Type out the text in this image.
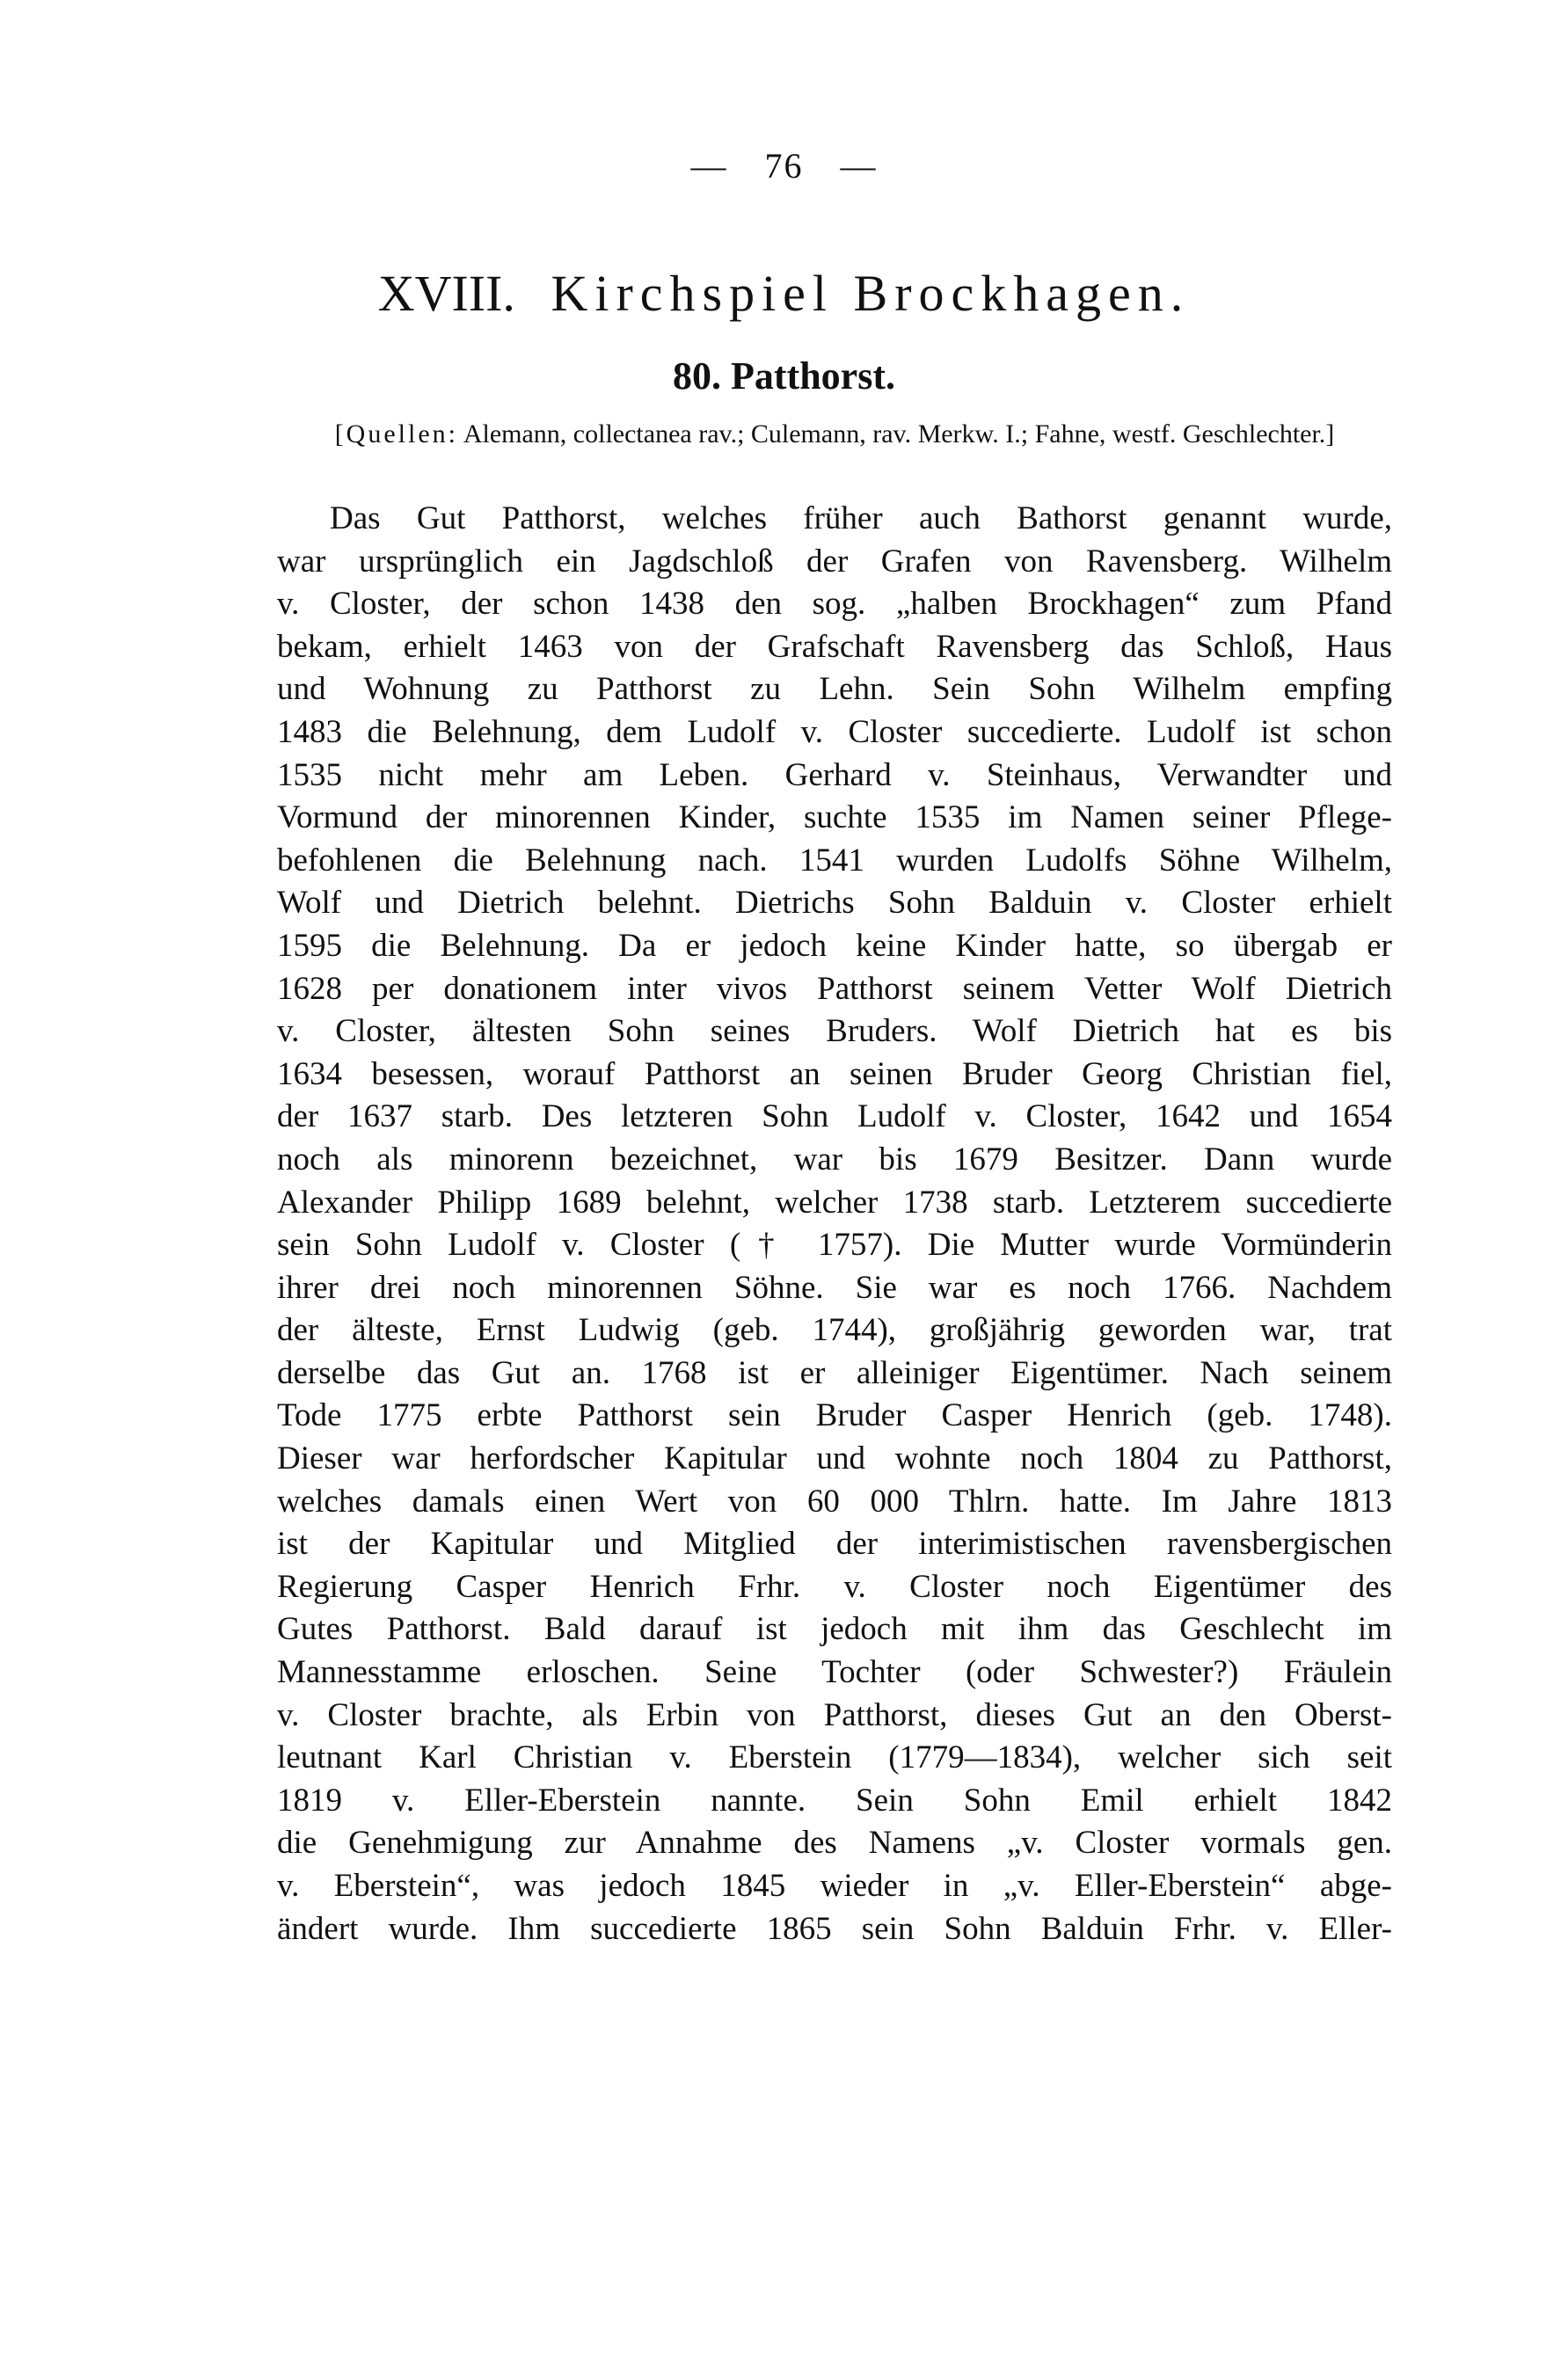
— 76 —
XVIII. Kirchspiel Brockhagen.
80. Patthorst.
[Quellen: Alemann, collectanea rav.; Culemann, rav. Merkw. I.; Fahne, westf. Geschlechter.]
Das Gut Patthorst, welches früher auch Bathorst genannt wurde,
war ursprünglich ein Jagdschloß der Grafen von Ravensberg. Wilhelm
v. Closter, der schon 1438 den sog. „halben Brockhagen“ zum Pfand
bekam, erhielt 1463 von der Grafschaft Ravensberg das Schloß, Haus
und Wohnung zu Patthorst zu Lehn. Sein Sohn Wilhelm empfing
1483 die Belehnung, dem Ludolf v. Closter succedierte. Ludolf ist schon
1535 nicht mehr am Leben. Gerhard v. Steinhaus, Verwandter und
Vormund der minorennen Kinder, suchte 1535 im Namen seiner Pflege-
befohlenen die Belehnung nach. 1541 wurden Ludolfs Söhne Wilhelm,
Wolf und Dietrich belehnt. Dietrichs Sohn Balduin v. Closter erhielt
1595 die Belehnung. Da er jedoch keine Kinder hatte, so übergab er
1628 per donationem inter vivos Patthorst seinem Vetter Wolf Dietrich
v. Closter, ältesten Sohn seines Bruders. Wolf Dietrich hat es bis
1634 besessen, worauf Patthorst an seinen Bruder Georg Christian fiel,
der 1637 starb. Des letzteren Sohn Ludolf v. Closter, 1642 und 1654
noch als minorenn bezeichnet, war bis 1679 Besitzer. Dann wurde
Alexander Philipp 1689 belehnt, welcher 1738 starb. Letzterem succedierte
sein Sohn Ludolf v. Closter († 1757). Die Mutter wurde Vormünderin
ihrer drei noch minorennen Söhne. Sie war es noch 1766. Nachdem
der älteste, Ernst Ludwig (geb. 1744), großjährig geworden war, trat
derselbe das Gut an. 1768 ist er alleiniger Eigentümer. Nach seinem
Tode 1775 erbte Patthorst sein Bruder Casper Henrich (geb. 1748).
Dieser war herfordscher Kapitular und wohnte noch 1804 zu Patthorst,
welches damals einen Wert von 60 000 Thlrn. hatte. Im Jahre 1813
ist der Kapitular und Mitglied der interimistischen ravensbergischen
Regierung Casper Henrich Frhr. v. Closter noch Eigentümer des
Gutes Patthorst. Bald darauf ist jedoch mit ihm das Geschlecht im
Mannesstamme erloschen. Seine Tochter (oder Schwester?) Fräulein
v. Closter brachte, als Erbin von Patthorst, dieses Gut an den Oberst-
leutnant Karl Christian v. Eberstein (1779—1834), welcher sich seit
1819 v. Eller-Eberstein nannte. Sein Sohn Emil erhielt 1842
die Genehmigung zur Annahme des Namens „v. Closter vormals gen.
v. Eberstein“, was jedoch 1845 wieder in „v. Eller-Eberstein“ abge-
ändert wurde. Ihm succedierte 1865 sein Sohn Balduin Frhr. v. Eller-
